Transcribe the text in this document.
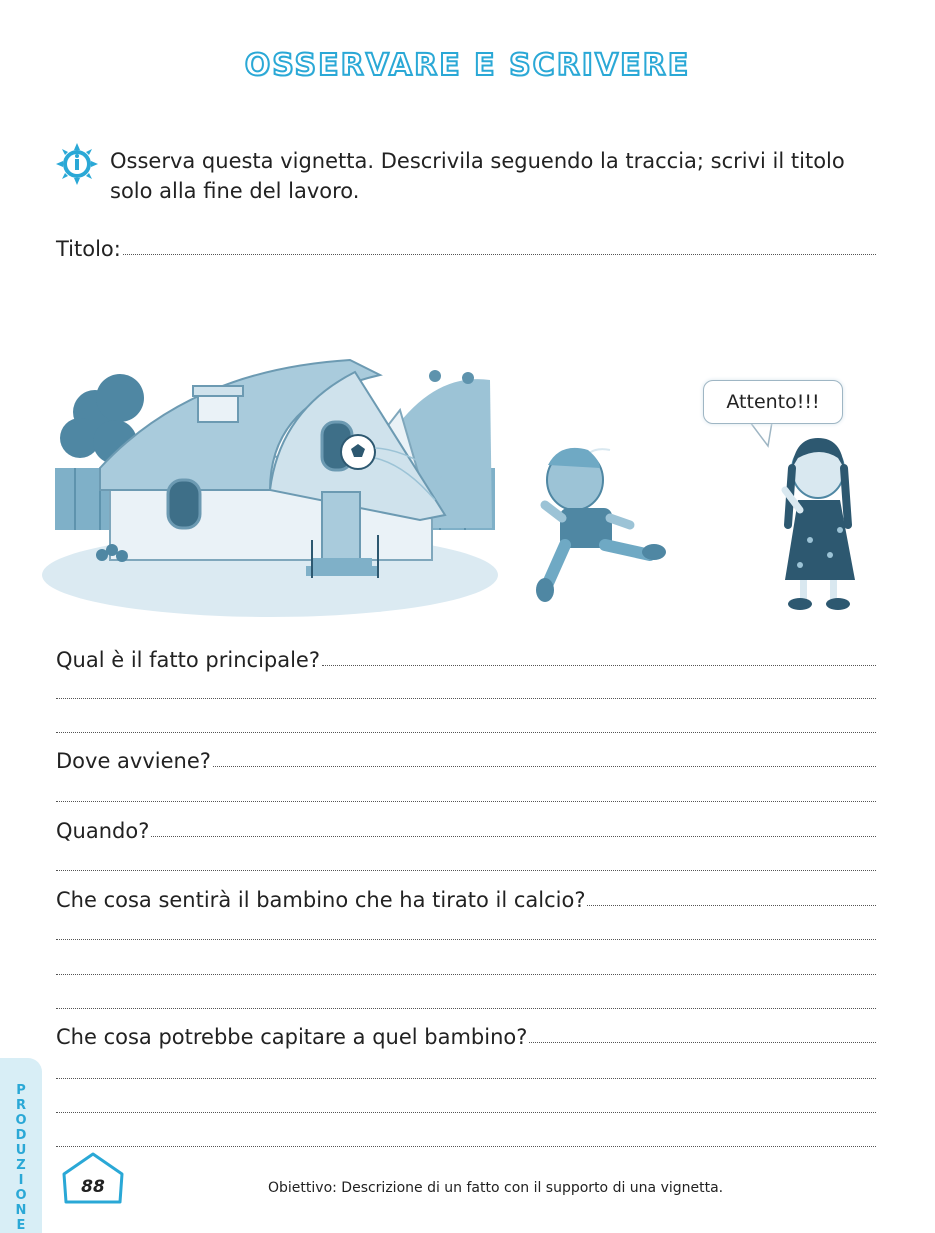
OSSERVARE E SCRIVERE
Osserva questa vignetta. Descrivila seguendo la traccia; scrivi il titolo solo alla fine del lavoro.
Titolo:
Attento!!!
Qual è il fatto principale?
Dove avviene?
Quando?
Che cosa sentirà il bambino che ha tirato il calcio?
Che cosa potrebbe capitare a quel bambino?
P
R
O
D
U
Z
I
O
N
E
88	Obiettivo: Descrizione di un fatto con il supporto di una vignetta.
